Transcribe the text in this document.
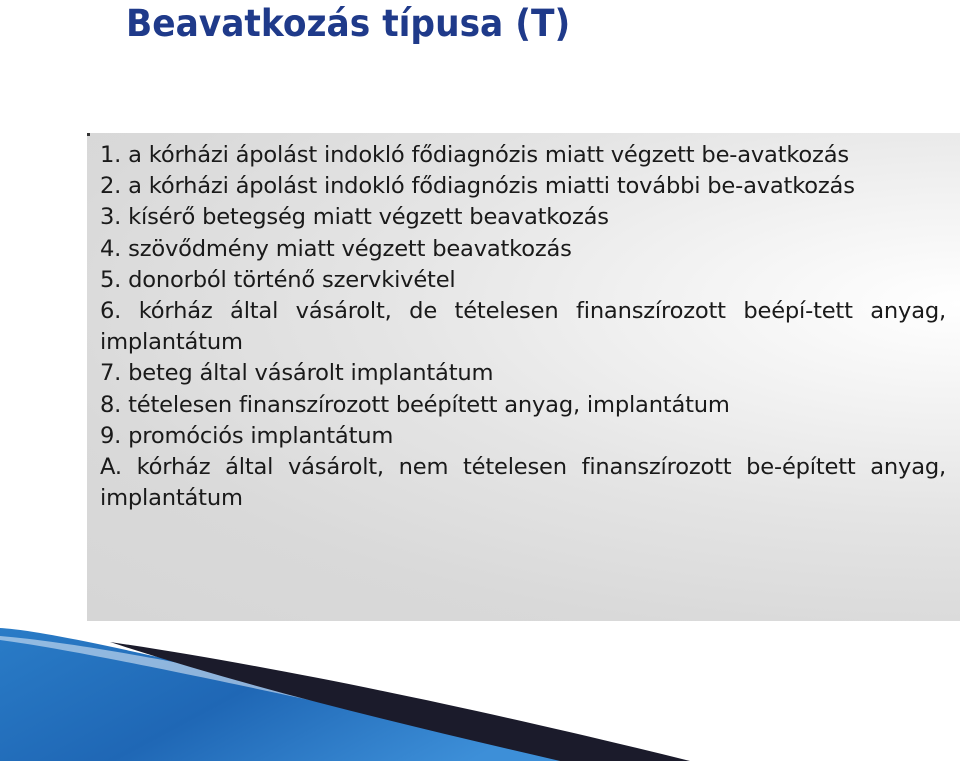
Beavatkozás típusa (T)
1. a kórházi ápolást indokló fődiagnózis miatt végzett be-avatkozás
2. a kórházi ápolást indokló fődiagnózis miatti további be-avatkozás
3. kísérő betegség miatt végzett beavatkozás
4. szövődmény miatt végzett beavatkozás
5. donorból történő szervkivétel
6. kórház által vásárolt, de tételesen finanszírozott beépí-tett anyag, implantátum
7. beteg által vásárolt implantátum
8. tételesen finanszírozott beépített anyag, implantátum
9. promóciós implantátum
A. kórház által vásárolt, nem tételesen finanszírozott be-épített anyag, implantátum
